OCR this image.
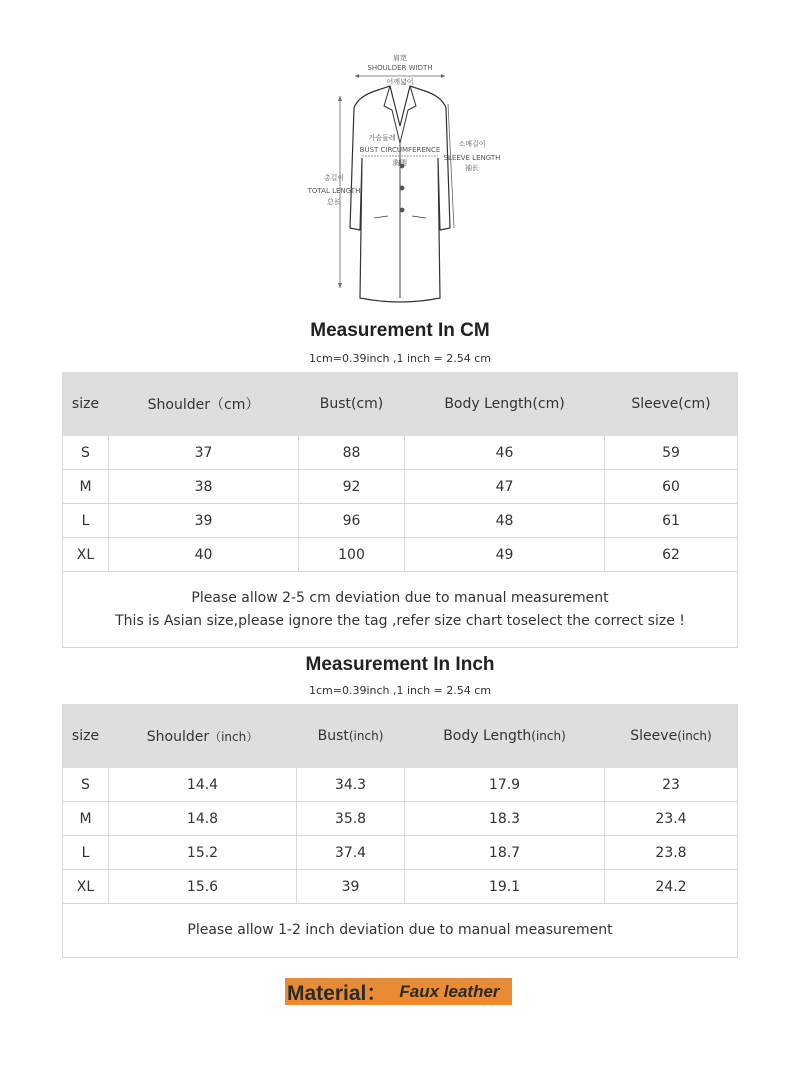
肩宽
SHOULDER WIDTH
어깨넓이
가슴둘레
BUST CIRCUMFERENCE
胸围
소매길이
SLEEVE LENGTH
袖长
총길이
TOTAL LENGTH
总长
Measurement In CM
1cm=0.39inch ,1 inch = 2.54 cm
size	Shoulder（cm）	Bust(cm)	Body Length(cm)	Sleeve(cm)
S	37	88	46	59
M	38	92	47	60
L	39	96	48	61
XL	40	100	49	62

Please allow 2-5 cm deviation due to manual measurement
This is Asian size,please ignore the tag ,refer size chart toselect the correct size !				
Measurement In Inch
1cm=0.39inch ,1 inch = 2.54 cm
size	Shoulder（inch）	Bust(inch)	Body Length(inch)	Sleeve(inch)
S	14.4	34.3	17.9	23
M	14.8	35.8	18.3	23.4
L	15.2	37.4	18.7	23.8
XL	15.6	39	19.1	24.2
Please allow 1-2 inch deviation due to manual measurement				
Material： Faux leather
